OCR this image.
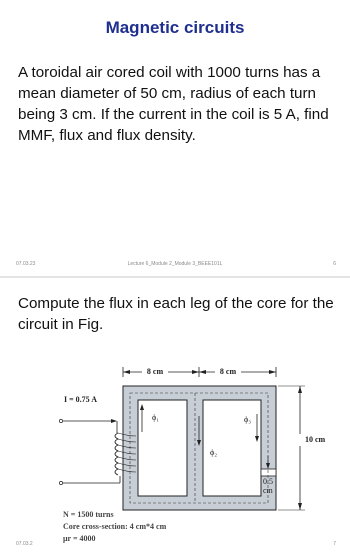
Magnetic circuits
A toroidal air cored coil with 1000 turns has a mean diameter of 50 cm, radius of each turn being 3 cm. If the current in the coil is 5 A, find MMF, flux and flux density.
07.03.23	Lecture 6_Module 2_Module 3_BEEE101L	6
Compute the flux in each leg of the core for the circuit in Fig.
8 cm	8 cm
ϕ₁
ϕ₂
ϕ₃
I = 0.75 A
10 cm
0.5
cm
N = 1500 turns
Core cross-section: 4 cm*4 cm
μr = 4000
07.03.2	7
